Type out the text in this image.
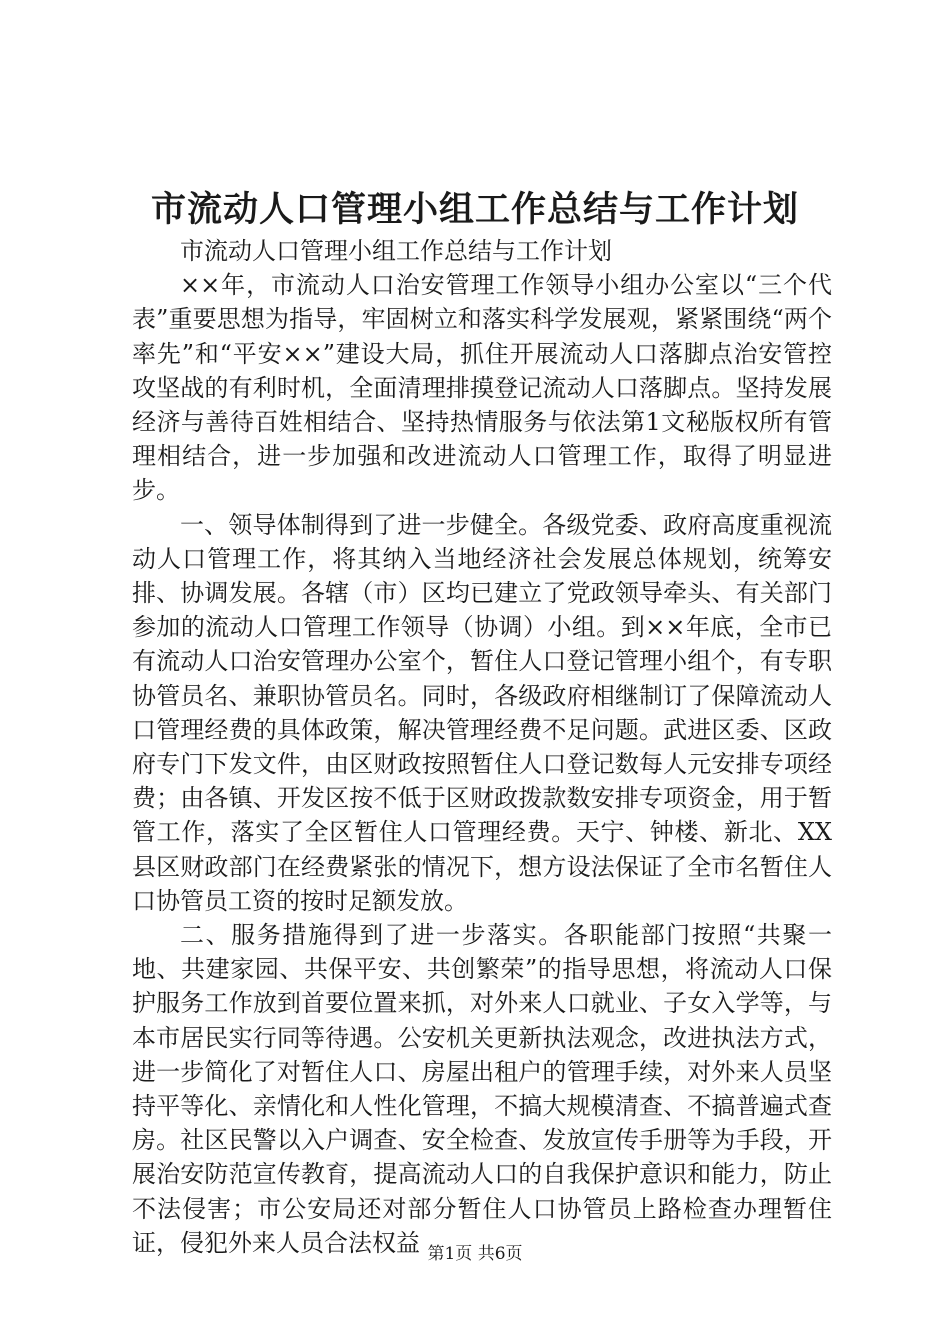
市流动人口管理小组工作总结与工作计划

市流动人口管理小组工作总结与工作计划

××年，市流动人口治安管理工作领导小组办公室以“三个代表”重要思想为指导，牢固树立和落实科学发展观，紧紧围绕“两个率先”和“平安××”建设大局，抓住开展流动人口落脚点治安管控攻坚战的有利时机，全面清理排摸登记流动人口落脚点。坚持发展经济与善待百姓相结合、坚持热情服务与依法第1文秘版权所有管理相结合，进一步加强和改进流动人口管理工作，取得了明显进步。

一、领导体制得到了进一步健全。各级党委、政府高度重视流动人口管理工作，将其纳入当地经济社会发展总体规划，统筹安排、协调发展。各辖（市）区均已建立了党政领导牵头、有关部门参加的流动人口管理工作领导（协调）小组。到××年底，全市已有流动人口治安管理办公室个，暂住人口登记管理小组个，有专职协管员名、兼职协管员名。同时，各级政府相继制订了保障流动人口管理经费的具体政策，解决管理经费不足问题。武进区委、区政府专门下发文件，由区财政按照暂住人口登记数每人元安排专项经费；由各镇、开发区按不低于区财政拨款数安排专项资金，用于暂管工作，落实了全区暂住人口管理经费。天宁、钟楼、新北、XX县区财政部门在经费紧张的情况下，想方设法保证了全市名暂住人口协管员工资的按时足额发放。

二、服务措施得到了进一步落实。各职能部门按照“共聚一地、共建家园、共保平安、共创繁荣”的指导思想，将流动人口保护服务工作放到首要位置来抓，对外来人口就业、子女入学等，与本市居民实行同等待遇。公安机关更新执法观念，改进执法方式，进一步简化了对暂住人口、房屋出租户的管理手续，对外来人员坚持平等化、亲情化和人性化管理，不搞大规模清查、不搞普遍式查房。社区民警以入户调查、安全检查、发放宣传手册等为手段，开展治安防范宣传教育，提高流动人口的自我保护意识和能力，防止不法侵害；市公安局还对部分暂住人口协管员上路检查办理暂住证，侵犯外来人员合法权益 第1页 共6页
